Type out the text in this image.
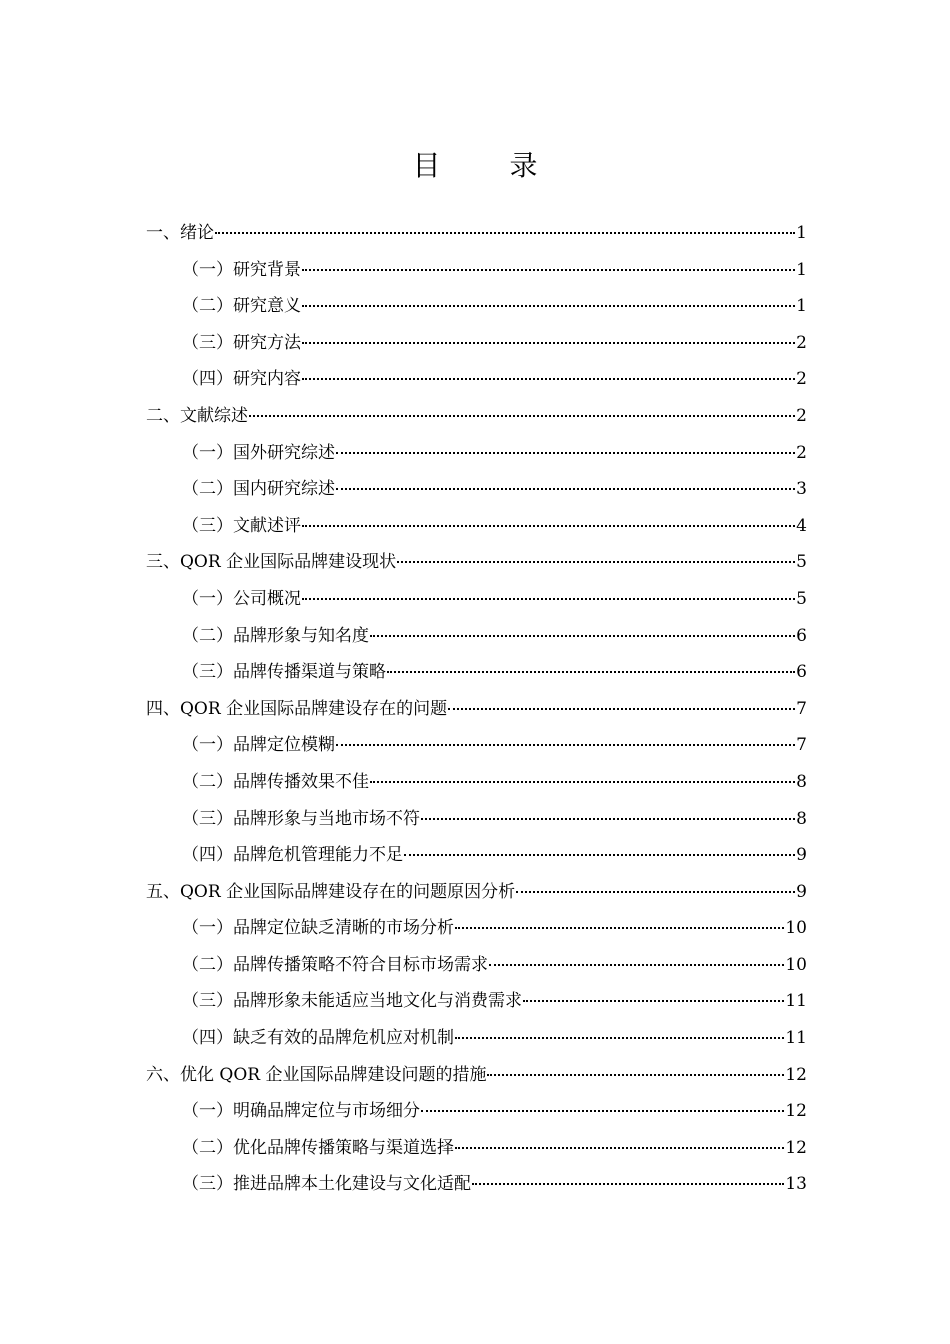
目 录
一、绪论	1
（一）研究背景	1
（二）研究意义	1
（三）研究方法	2
（四）研究内容	2
二、文献综述	2
（一）国外研究综述	2
（二）国内研究综述	3
（三）文献述评	4
三、QOR 企业国际品牌建设现状	5
（一）公司概况	5
（二）品牌形象与知名度	6
（三）品牌传播渠道与策略	6
四、QOR 企业国际品牌建设存在的问题	7
（一）品牌定位模糊	7
（二）品牌传播效果不佳	8
（三）品牌形象与当地市场不符	8
（四）品牌危机管理能力不足	9
五、QOR 企业国际品牌建设存在的问题原因分析	9
（一）品牌定位缺乏清晰的市场分析	10
（二）品牌传播策略不符合目标市场需求	10
（三）品牌形象未能适应当地文化与消费需求	11
（四）缺乏有效的品牌危机应对机制	11
六、优化 QOR 企业国际品牌建设问题的措施	12
（一）明确品牌定位与市场细分	12
（二）优化品牌传播策略与渠道选择	12
（三）推进品牌本土化建设与文化适配	13
